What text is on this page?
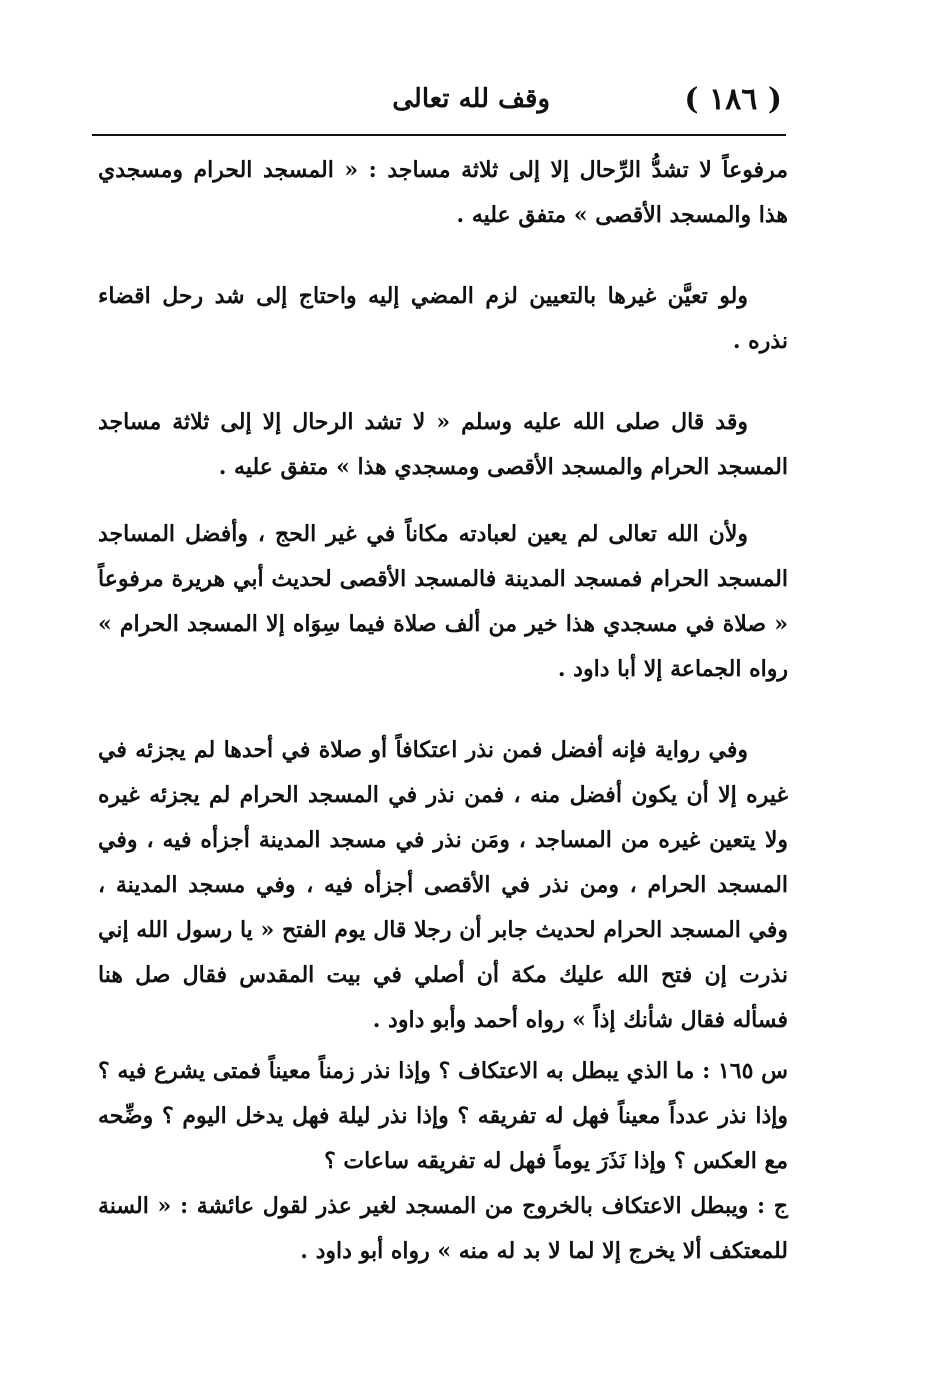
( ١٨٦ )
وقف لله تعالى

مرفوعاً لا تشدُّ الرِّحال إلا إلى ثلاثة مساجد : « المسجد الحرام ومسجدي هذا والمسجد الأقصى » متفق عليه .

ولو تعيَّن غيرها بالتعيين لزم المضي إليه واحتاج إلى شد رحل اقضاء نذره .

وقد قال صلى الله عليه وسلم « لا تشد الرحال إلا إلى ثلاثة مساجد المسجد الحرام والمسجد الأقصى ومسجدي هذا » متفق عليه .

ولأن الله تعالى لم يعين لعبادته مكاناً في غير الحج ، وأفضل المساجد المسجد الحرام فمسجد المدينة فالمسجد الأقصى لحديث أبي هريرة مرفوعاً « صلاة في مسجدي هذا خير من ألف صلاة فيما سِوَاه إلا المسجد الحرام » رواه الجماعة إلا أبا داود .

وفي رواية فإنه أفضل فمن نذر اعتكافاً أو صلاة في أحدها لم يجزئه في غيره إلا أن يكون أفضل منه ، فمن نذر في المسجد الحرام لم يجزئه غيره ولا يتعين غيره من المساجد ، ومَن نذر في مسجد المدينة أجزأه فيه ، وفي المسجد الحرام ، ومن نذر في الأقصى أجزأه فيه ، وفي مسجد المدينة ، وفي المسجد الحرام لحديث جابر أن رجلا قال يوم الفتح « يا رسول الله إني نذرت إن فتح الله عليك مكة أن أصلي في بيت المقدس فقال صل هنا فسأله فقال شأنك إذاً » رواه أحمد وأبو داود .

س ١٦٥ : ما الذي يبطل به الاعتكاف ؟ وإذا نذر زمناً معيناً فمتى يشرع فيه ؟ وإذا نذر عدداً معيناً فهل له تفريقه ؟ وإذا نذر ليلة فهل يدخل اليوم ؟ وضِّحه مع العكس ؟ وإذا نَذَرَ يوماً فهل له تفريقه ساعات ؟

ج : ويبطل الاعتكاف بالخروج من المسجد لغير عذر لقول عائشة : « السنة للمعتكف ألا يخرج إلا لما لا بد له منه » رواه أبو داود .
